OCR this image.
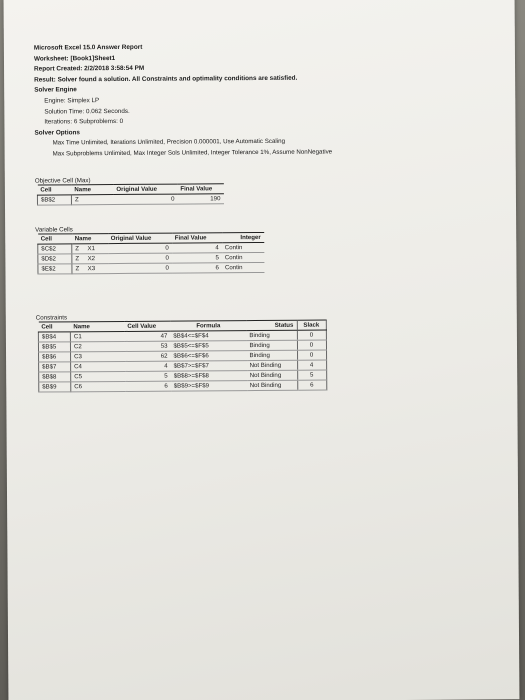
Microsoft Excel 15.0 Answer Report
Worksheet: [Book1]Sheet1
Report Created: 2/2/2018 3:58:54 PM
Result: Solver found a solution. All Constraints and optimality conditions are satisfied.
Solver Engine
Engine: Simplex LP
Solution Time: 0.062 Seconds.
Iterations: 6 Subproblems: 0
Solver Options
Max Time Unlimited, Iterations Unlimited, Precision 0.000001, Use Automatic Scaling
Max Subproblems Unlimited, Max Integer Sols Unlimited, Integer Tolerance 1%, Assume NonNegative
Objective Cell (Max)
Cell	Name	Original Value	Final Value
$B$2	Z	0	190
Variable Cells
Cell	Name	Original Value	Final Value	Integer
$C$2	Z X1	0	4	Contin
$D$2	Z X2	0	5	Contin
$E$2	Z X3	0	6	Contin
Constraints
Cell	Name	Cell Value	Formula	Status	Slack
$B$4	C1	47	$B$4<=$F$4	Binding	0
$B$5	C2	53	$B$5<=$F$5	Binding	0
$B$6	C3	62	$B$6<=$F$6	Binding	0
$B$7	C4	4	$B$7>=$F$7	Not Binding	4
$B$8	C5	5	$B$8>=$F$8	Not Binding	5
$B$9	C6	6	$B$9>=$F$9	Not Binding	6
